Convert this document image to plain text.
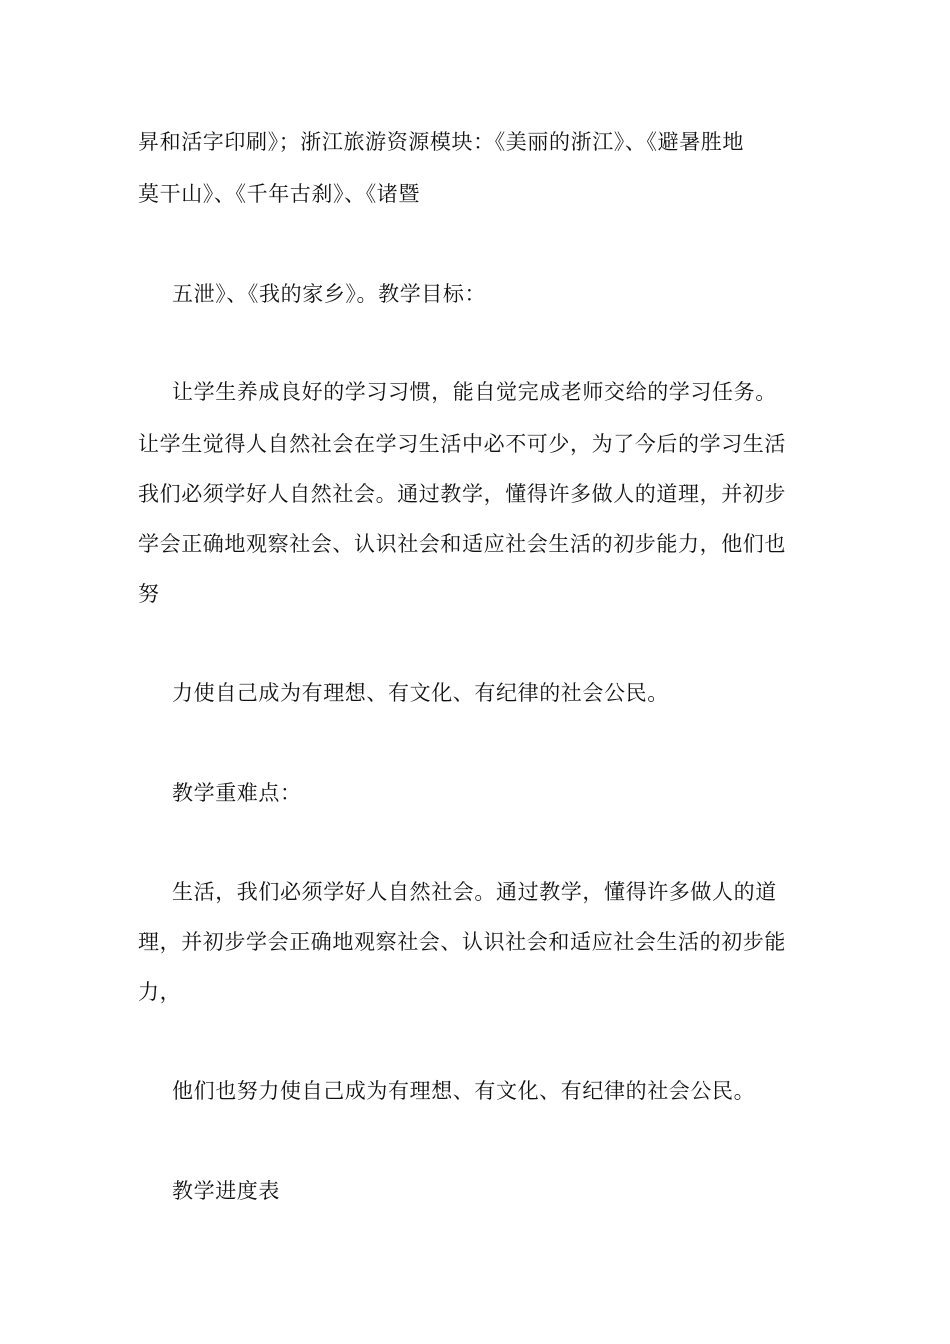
昇和活字印刷》；浙江旅游资源模块：《美丽的浙江》、《避暑胜地
莫干山》、《千年古刹》、《诸暨
五泄》、《我的家乡》。教学目标：
让学生养成良好的学习习惯，能自觉完成老师交给的学习任务。
让学生觉得人自然社会在学习生活中必不可少，为了今后的学习生活
我们必须学好人自然社会。通过教学，懂得许多做人的道理，并初步
学会正确地观察社会、认识社会和适应社会生活的初步能力，他们也
努
力使自己成为有理想、有文化、有纪律的社会公民。
教学重难点：
生活，我们必须学好人自然社会。通过教学，懂得许多做人的道
理，并初步学会正确地观察社会、认识社会和适应社会生活的初步能
力，
他们也努力使自己成为有理想、有文化、有纪律的社会公民。
教学进度表
